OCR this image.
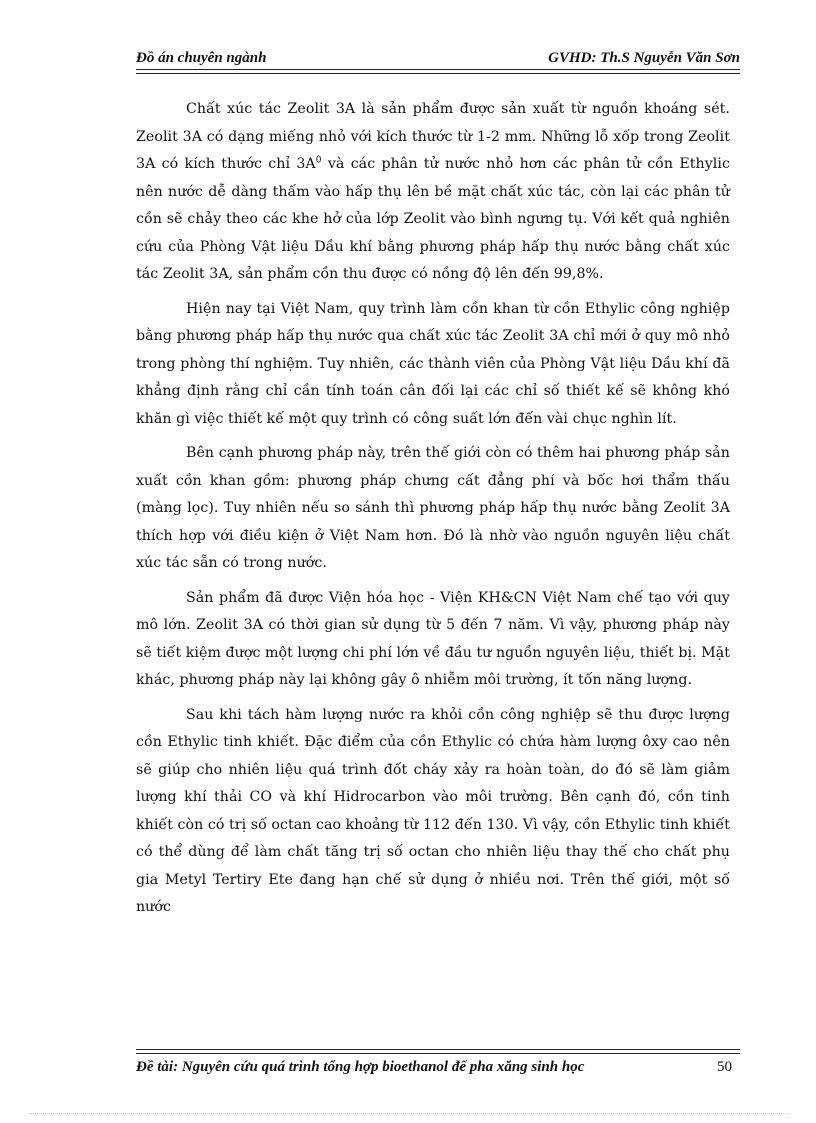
Đồ án chuyên ngành	GVHD: Th.S Nguyễn Văn Sơn

Chất xúc tác Zeolit 3A là sản phẩm được sản xuất từ nguồn khoáng sét. Zeolit 3A có dạng miếng nhỏ với kích thước từ 1-2 mm. Những lỗ xốp trong Zeolit 3A có kích thước chỉ $3A^0$ và các phân tử nước nhỏ hơn các phân tử cồn Ethylic nên nước dễ dàng thấm vào hấp thụ lên bề mặt chất xúc tác, còn lại các phân tử cồn sẽ chảy theo các khe hở của lớp Zeolit vào bình ngưng tụ. Với kết quả nghiên cứu của Phòng Vật liệu Dầu khí bằng phương pháp hấp thụ nước bằng chất xúc tác Zeolit 3A, sản phẩm cồn thu được có nồng độ lên đến 99,8%.

Hiện nay tại Việt Nam, quy trình làm cồn khan từ cồn Ethylic công nghiệp bằng phương pháp hấp thụ nước qua chất xúc tác Zeolit 3A chỉ mới ở quy mô nhỏ trong phòng thí nghiệm. Tuy nhiên, các thành viên của Phòng Vật liệu Dầu khí đã khẳng định rằng chỉ cần tính toán cân đối lại các chỉ số thiết kế sẽ không khó khăn gì việc thiết kế một quy trình có công suất lớn đến vài chục nghìn lít.

Bên cạnh phương pháp này, trên thế giới còn có thêm hai phương pháp sản xuất cồn khan gồm: phương pháp chưng cất đẳng phí và bốc hơi thẩm thấu (màng lọc). Tuy nhiên nếu so sánh thì phương pháp hấp thụ nước bằng Zeolit 3A thích hợp với điều kiện ở Việt Nam hơn. Đó là nhờ vào nguồn nguyên liệu chất xúc tác sẵn có trong nước.

Sản phẩm đã được Viện hóa học - Viện KH&CN Việt Nam chế tạo với quy mô lớn. Zeolit 3A có thời gian sử dụng từ 5 đến 7 năm. Vì vậy, phương pháp này sẽ tiết kiệm được một lượng chi phí lớn về đầu tư nguồn nguyên liệu, thiết bị. Mặt khác, phương pháp này lại không gây ô nhiễm môi trường, ít tốn năng lượng.

Sau khi tách hàm lượng nước ra khỏi cồn công nghiệp sẽ thu được lượng cồn Ethylic tinh khiết. Đặc điểm của cồn Ethylic có chứa hàm lượng ôxy cao nên sẽ giúp cho nhiên liệu quá trình đốt cháy xảy ra hoàn toàn, do đó sẽ làm giảm lượng khí thải CO và khí Hidrocarbon vào môi trường. Bên cạnh đó, cồn tinh khiết còn có trị số octan cao khoảng từ 112 đến 130. Vì vậy, cồn Ethylic tinh khiết có thể dùng để làm chất tăng trị số octan cho nhiên liệu thay thế cho chất phụ gia Metyl Tertiry Ete đang hạn chế sử dụng ở nhiều nơi. Trên thế giới, một số nước

Đề tài: Nguyên cứu quá trình tổng hợp bioethanol để pha xăng sinh học	50
